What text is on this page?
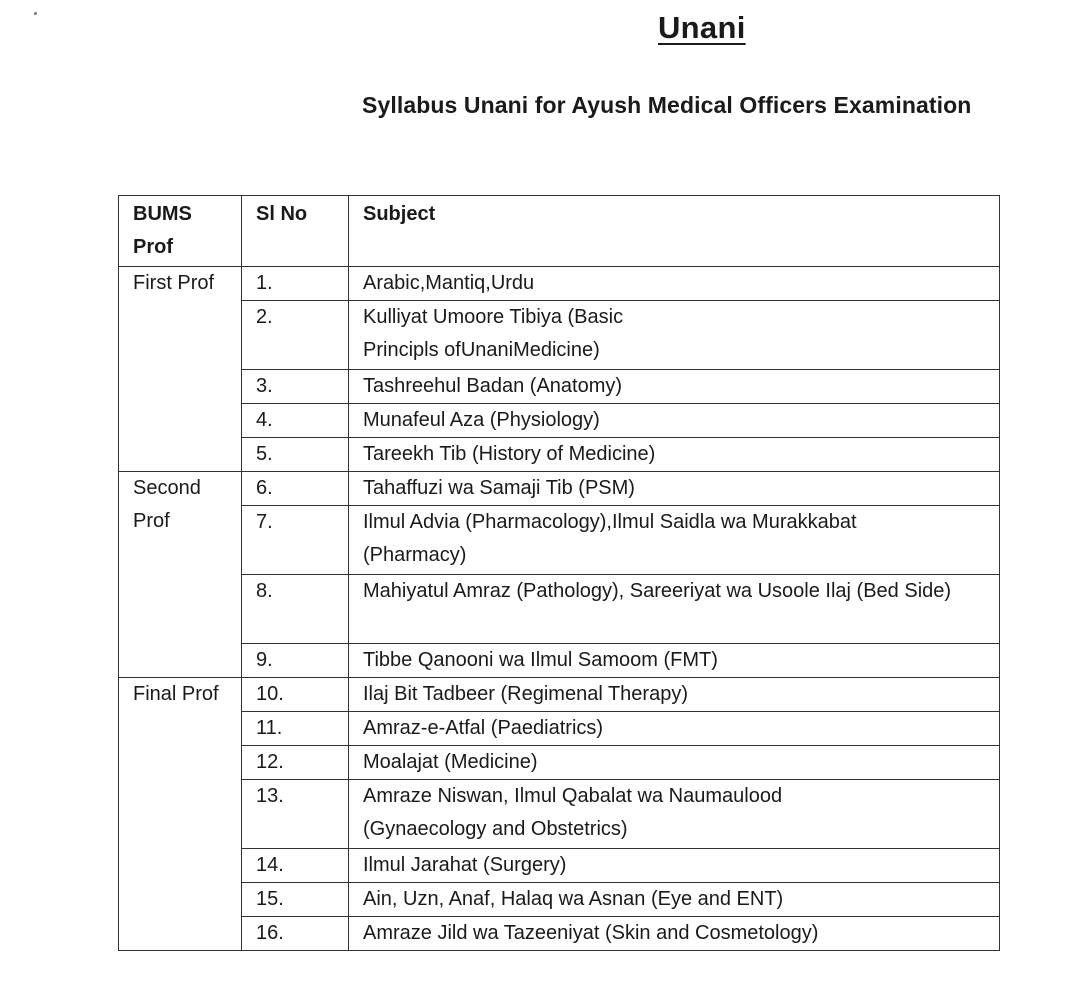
Unani
Syllabus Unani for Ayush Medical Officers Examination
BUMS Prof	Sl No	Subject
First Prof	1.	Arabic,Mantiq,Urdu
	2.	Kulliyat Umoore Tibiya (Basic Principls ofUnaniMedicine)
	3.	Tashreehul Badan (Anatomy)
	4.	Munafeul Aza (Physiology)
	5.	Tareekh Tib (History of Medicine)
Second Prof	6.	Tahaffuzi wa Samaji Tib (PSM)
	7.	Ilmul Advia (Pharmacology),Ilmul Saidla wa Murakkabat (Pharmacy)
	8.	Mahiyatul Amraz (Pathology), Sareeriyat wa Usoole Ilaj (Bed Side)
	9.	Tibbe Qanooni wa Ilmul Samoom (FMT)
Final Prof	10.	Ilaj Bit Tadbeer (Regimenal Therapy)
	11.	Amraz-e-Atfal (Paediatrics)
	12.	Moalajat (Medicine)
	13.	Amraze Niswan, Ilmul Qabalat wa Naumaulood (Gynaecology and Obstetrics)
	14.	Ilmul Jarahat (Surgery)
	15.	Ain, Uzn, Anaf, Halaq wa Asnan (Eye and ENT)
	16.	Amraze Jild wa Tazeeniyat (Skin and Cosmetology)
